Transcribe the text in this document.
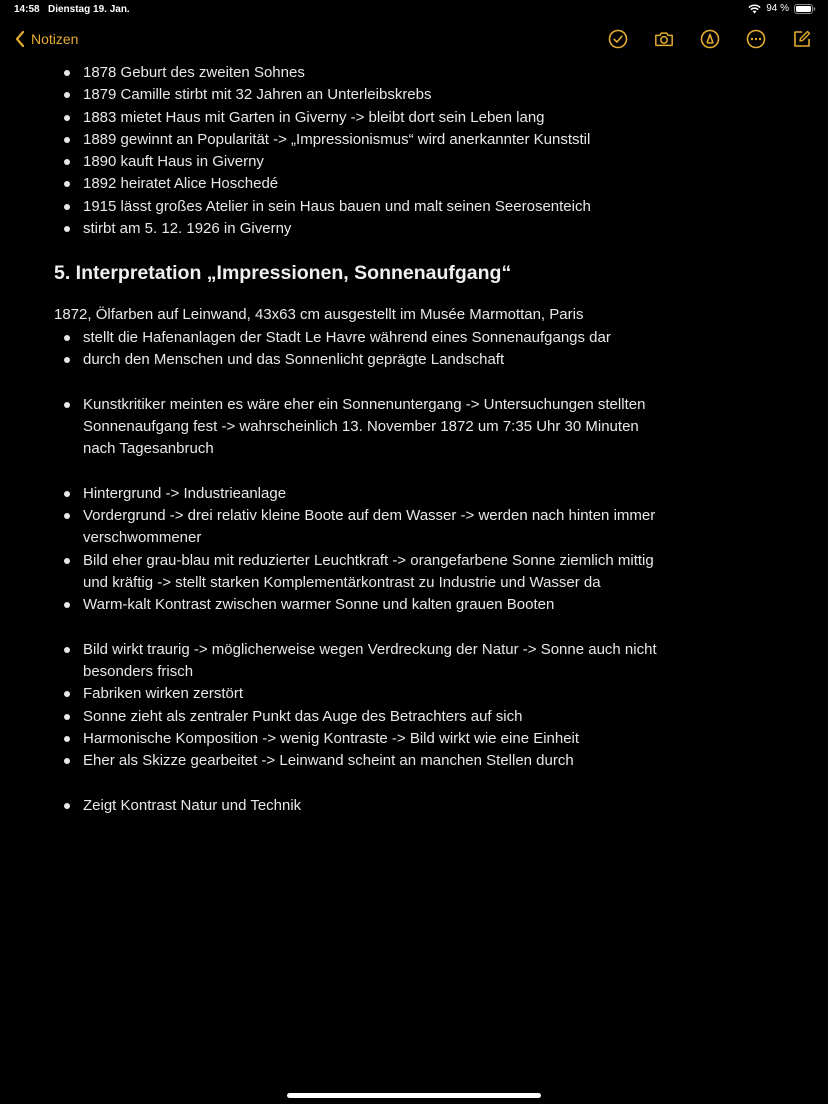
14:58 Dienstag 19. Jan.	94 %
Notizen
1878 Geburt des zweiten Sohnes
1879 Camille stirbt mit 32 Jahren an Unterleibskrebs
1883 mietet Haus mit Garten in Giverny -> bleibt dort sein Leben lang
1889 gewinnt an Popularität -> „Impressionismus“ wird anerkannter Kunststil
1890 kauft Haus in Giverny
1892 heiratet Alice Hoschedé
1915 lässt großes Atelier in sein Haus bauen und malt seinen Seerosenteich
stirbt am 5. 12. 1926 in Giverny
5. Interpretation „Impressionen, Sonnenaufgang“

1872, Ölfarben auf Leinwand, 43x63 cm ausgestellt im Musée Marmottan, Paris

stellt die Hafenanlagen der Stadt Le Havre während eines Sonnenaufgangs dar
durch den Menschen und das Sonnenlicht geprägte Landschaft
Kunstkritiker meinten es wäre eher ein Sonnenuntergang -> Untersuchungen stellten Sonnenaufgang fest -> wahrscheinlich 13. November 1872 um 7:35 Uhr 30 Minuten nach Tagesanbruch
Hintergrund -> Industrieanlage
Vordergrund -> drei relativ kleine Boote auf dem Wasser -> werden nach hinten immer verschwommener
Bild eher grau-blau mit reduzierter Leuchtkraft -> orangefarbene Sonne ziemlich mittig und kräftig -> stellt starken Komplementärkontrast zu Industrie und Wasser da
Warm-kalt Kontrast zwischen warmer Sonne und kalten grauen Booten
Bild wirkt traurig -> möglicherweise wegen Verdreckung der Natur -> Sonne auch nicht besonders frisch
Fabriken wirken zerstört
Sonne zieht als zentraler Punkt das Auge des Betrachters auf sich
Harmonische Komposition -> wenig Kontraste -> Bild wirkt wie eine Einheit
Eher als Skizze gearbeitet -> Leinwand scheint an manchen Stellen durch
Zeigt Kontrast Natur und Technik
